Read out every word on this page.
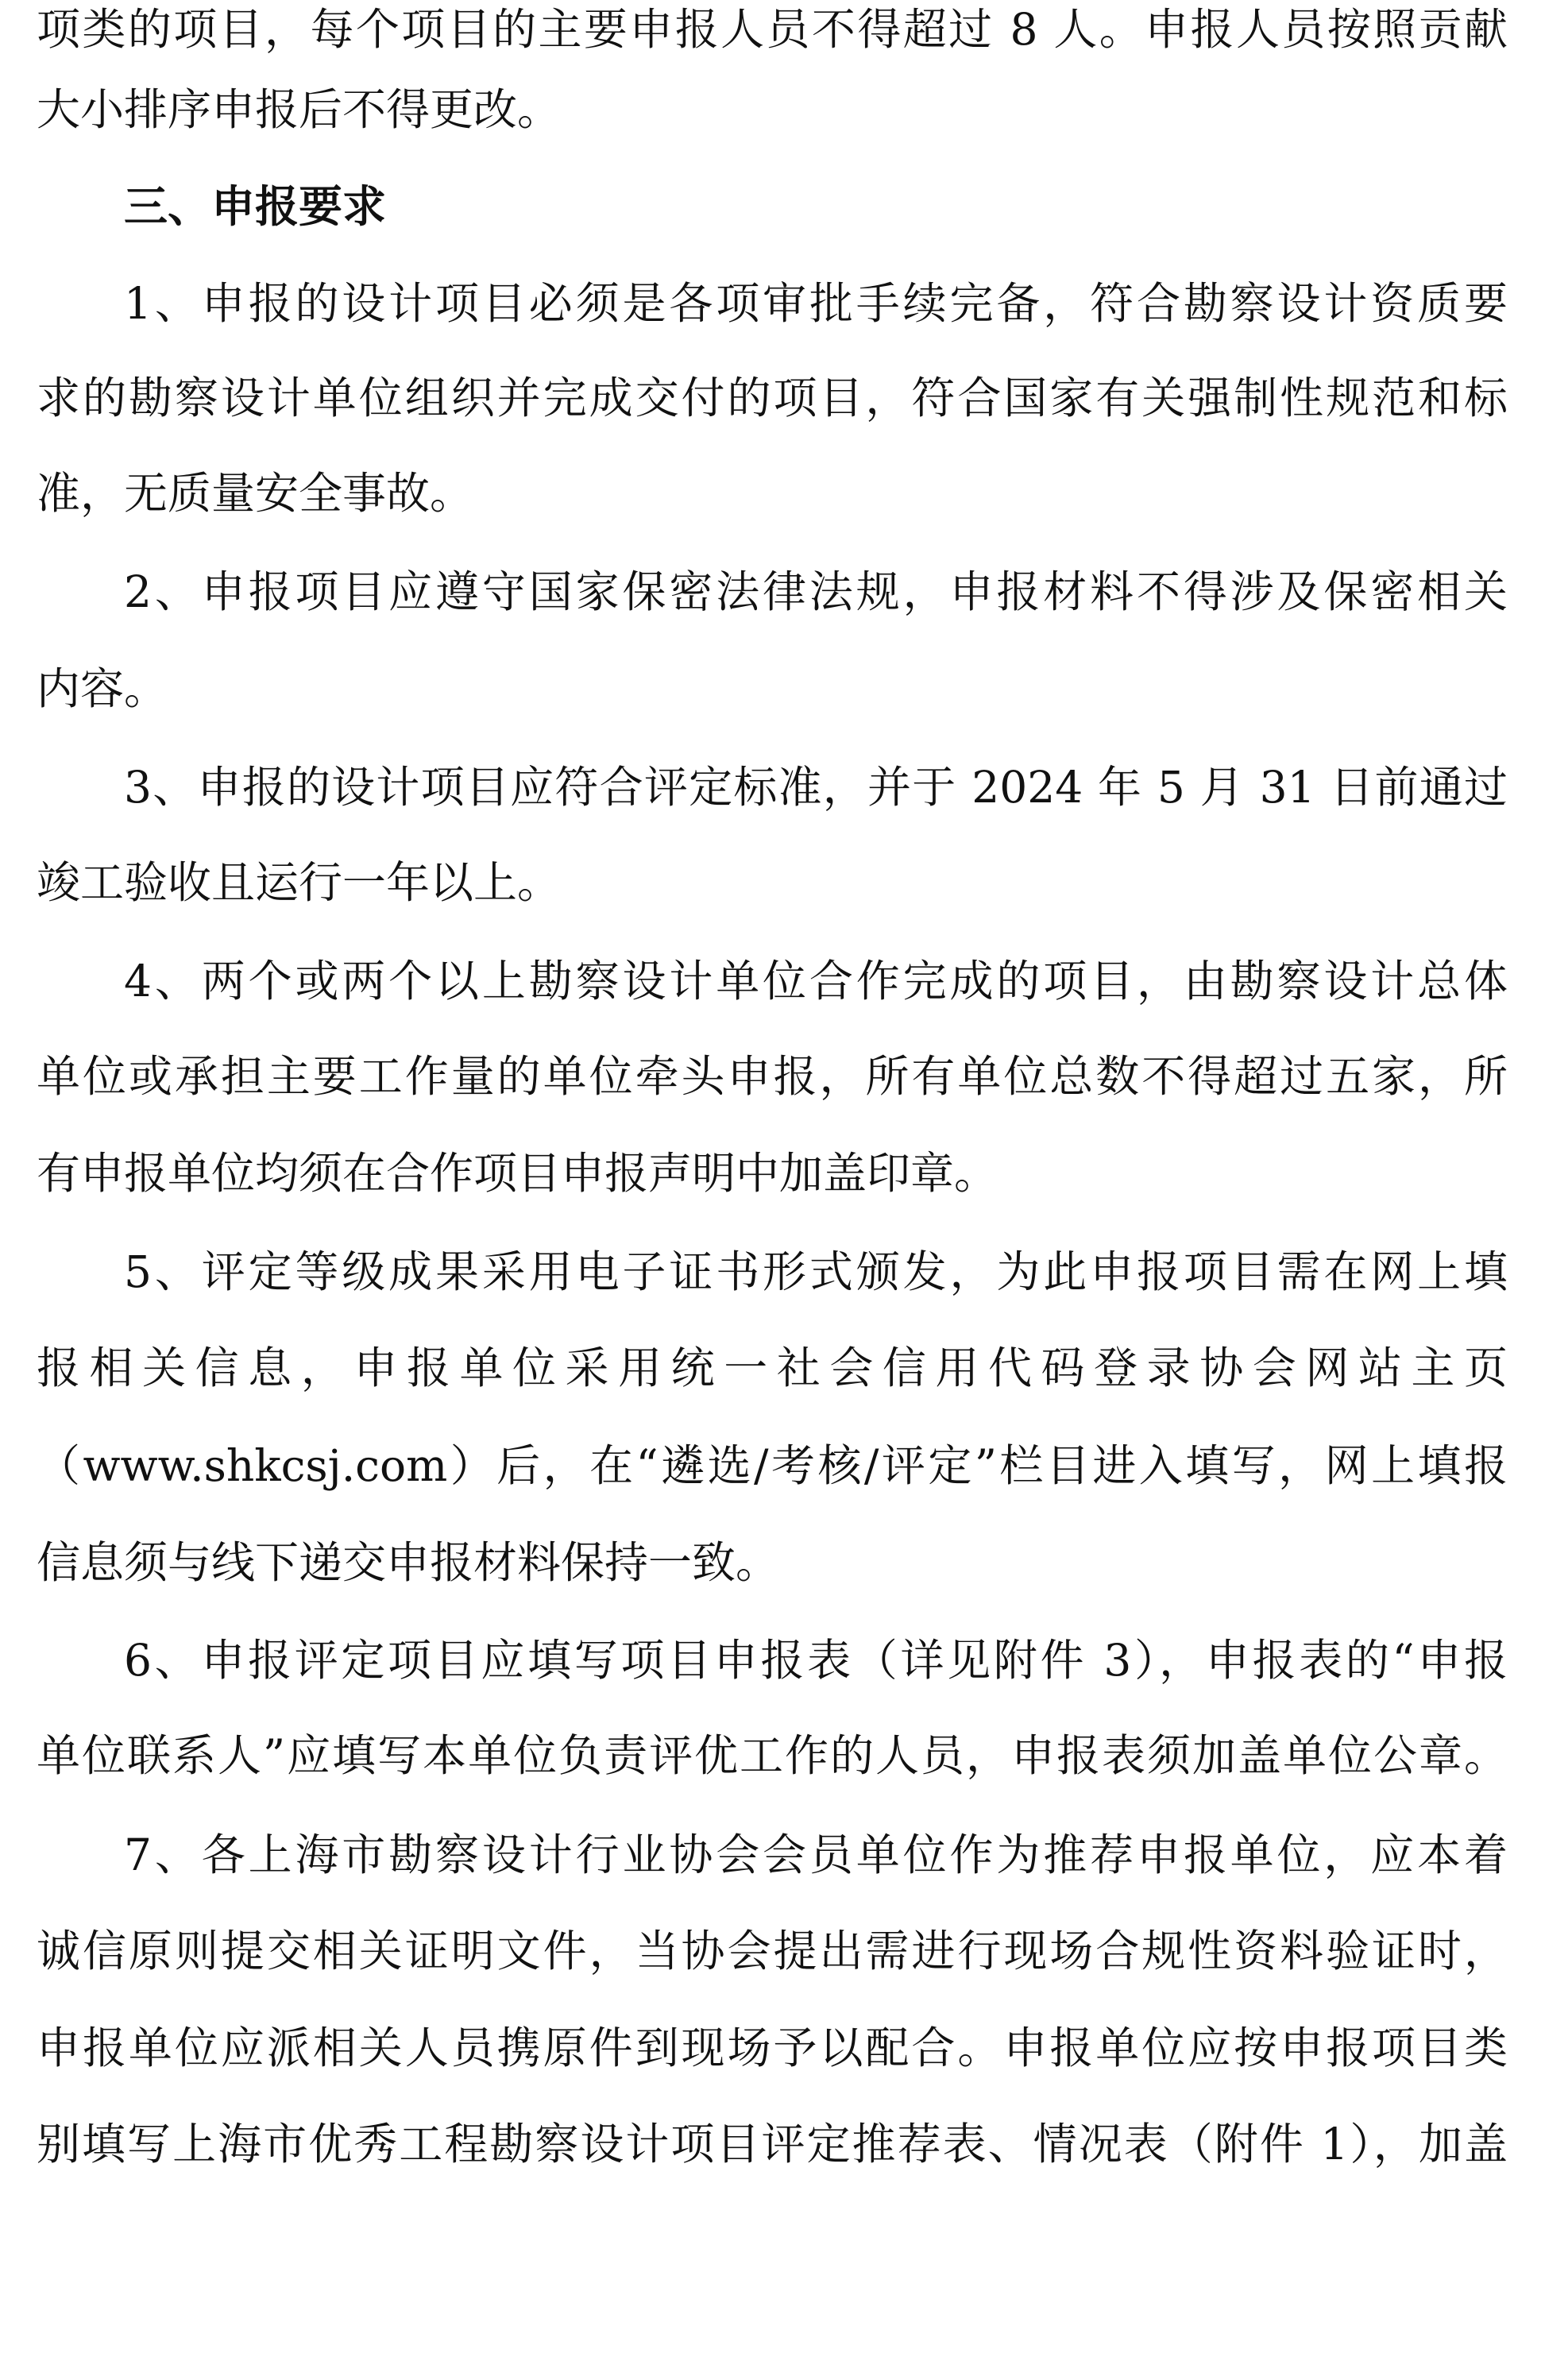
项类的项目，每个项目的主要申报人员不得超过 8 人。申报人员按照贡献
大小排序申报后不得更改。
三、申报要求
1、申报的设计项目必须是各项审批手续完备，符合勘察设计资质要
求的勘察设计单位组织并完成交付的项目，符合国家有关强制性规范和标
准，无质量安全事故。
2、申报项目应遵守国家保密法律法规，申报材料不得涉及保密相关
内容。
3、申报的设计项目应符合评定标准，并于 2024 年 5 月 31 日前通过
竣工验收且运行一年以上。
4、两个或两个以上勘察设计单位合作完成的项目，由勘察设计总体
单位或承担主要工作量的单位牵头申报，所有单位总数不得超过五家，所
有申报单位均须在合作项目申报声明中加盖印章。
5、评定等级成果采用电子证书形式颁发，为此申报项目需在网上填
报相关信息，申报单位采用统一社会信用代码登录协会网站主页
（www.shkcsj.com）后，在“遴选/考核/评定”栏目进入填写，网上填报
信息须与线下递交申报材料保持一致。
6、申报评定项目应填写项目申报表（详见附件 3），申报表的“申报
单位联系人”应填写本单位负责评优工作的人员，申报表须加盖单位公章。
7、各上海市勘察设计行业协会会员单位作为推荐申报单位，应本着
诚信原则提交相关证明文件，当协会提出需进行现场合规性资料验证时，
申报单位应派相关人员携原件到现场予以配合。申报单位应按申报项目类
别填写上海市优秀工程勘察设计项目评定推荐表、情况表（附件 1），加盖
